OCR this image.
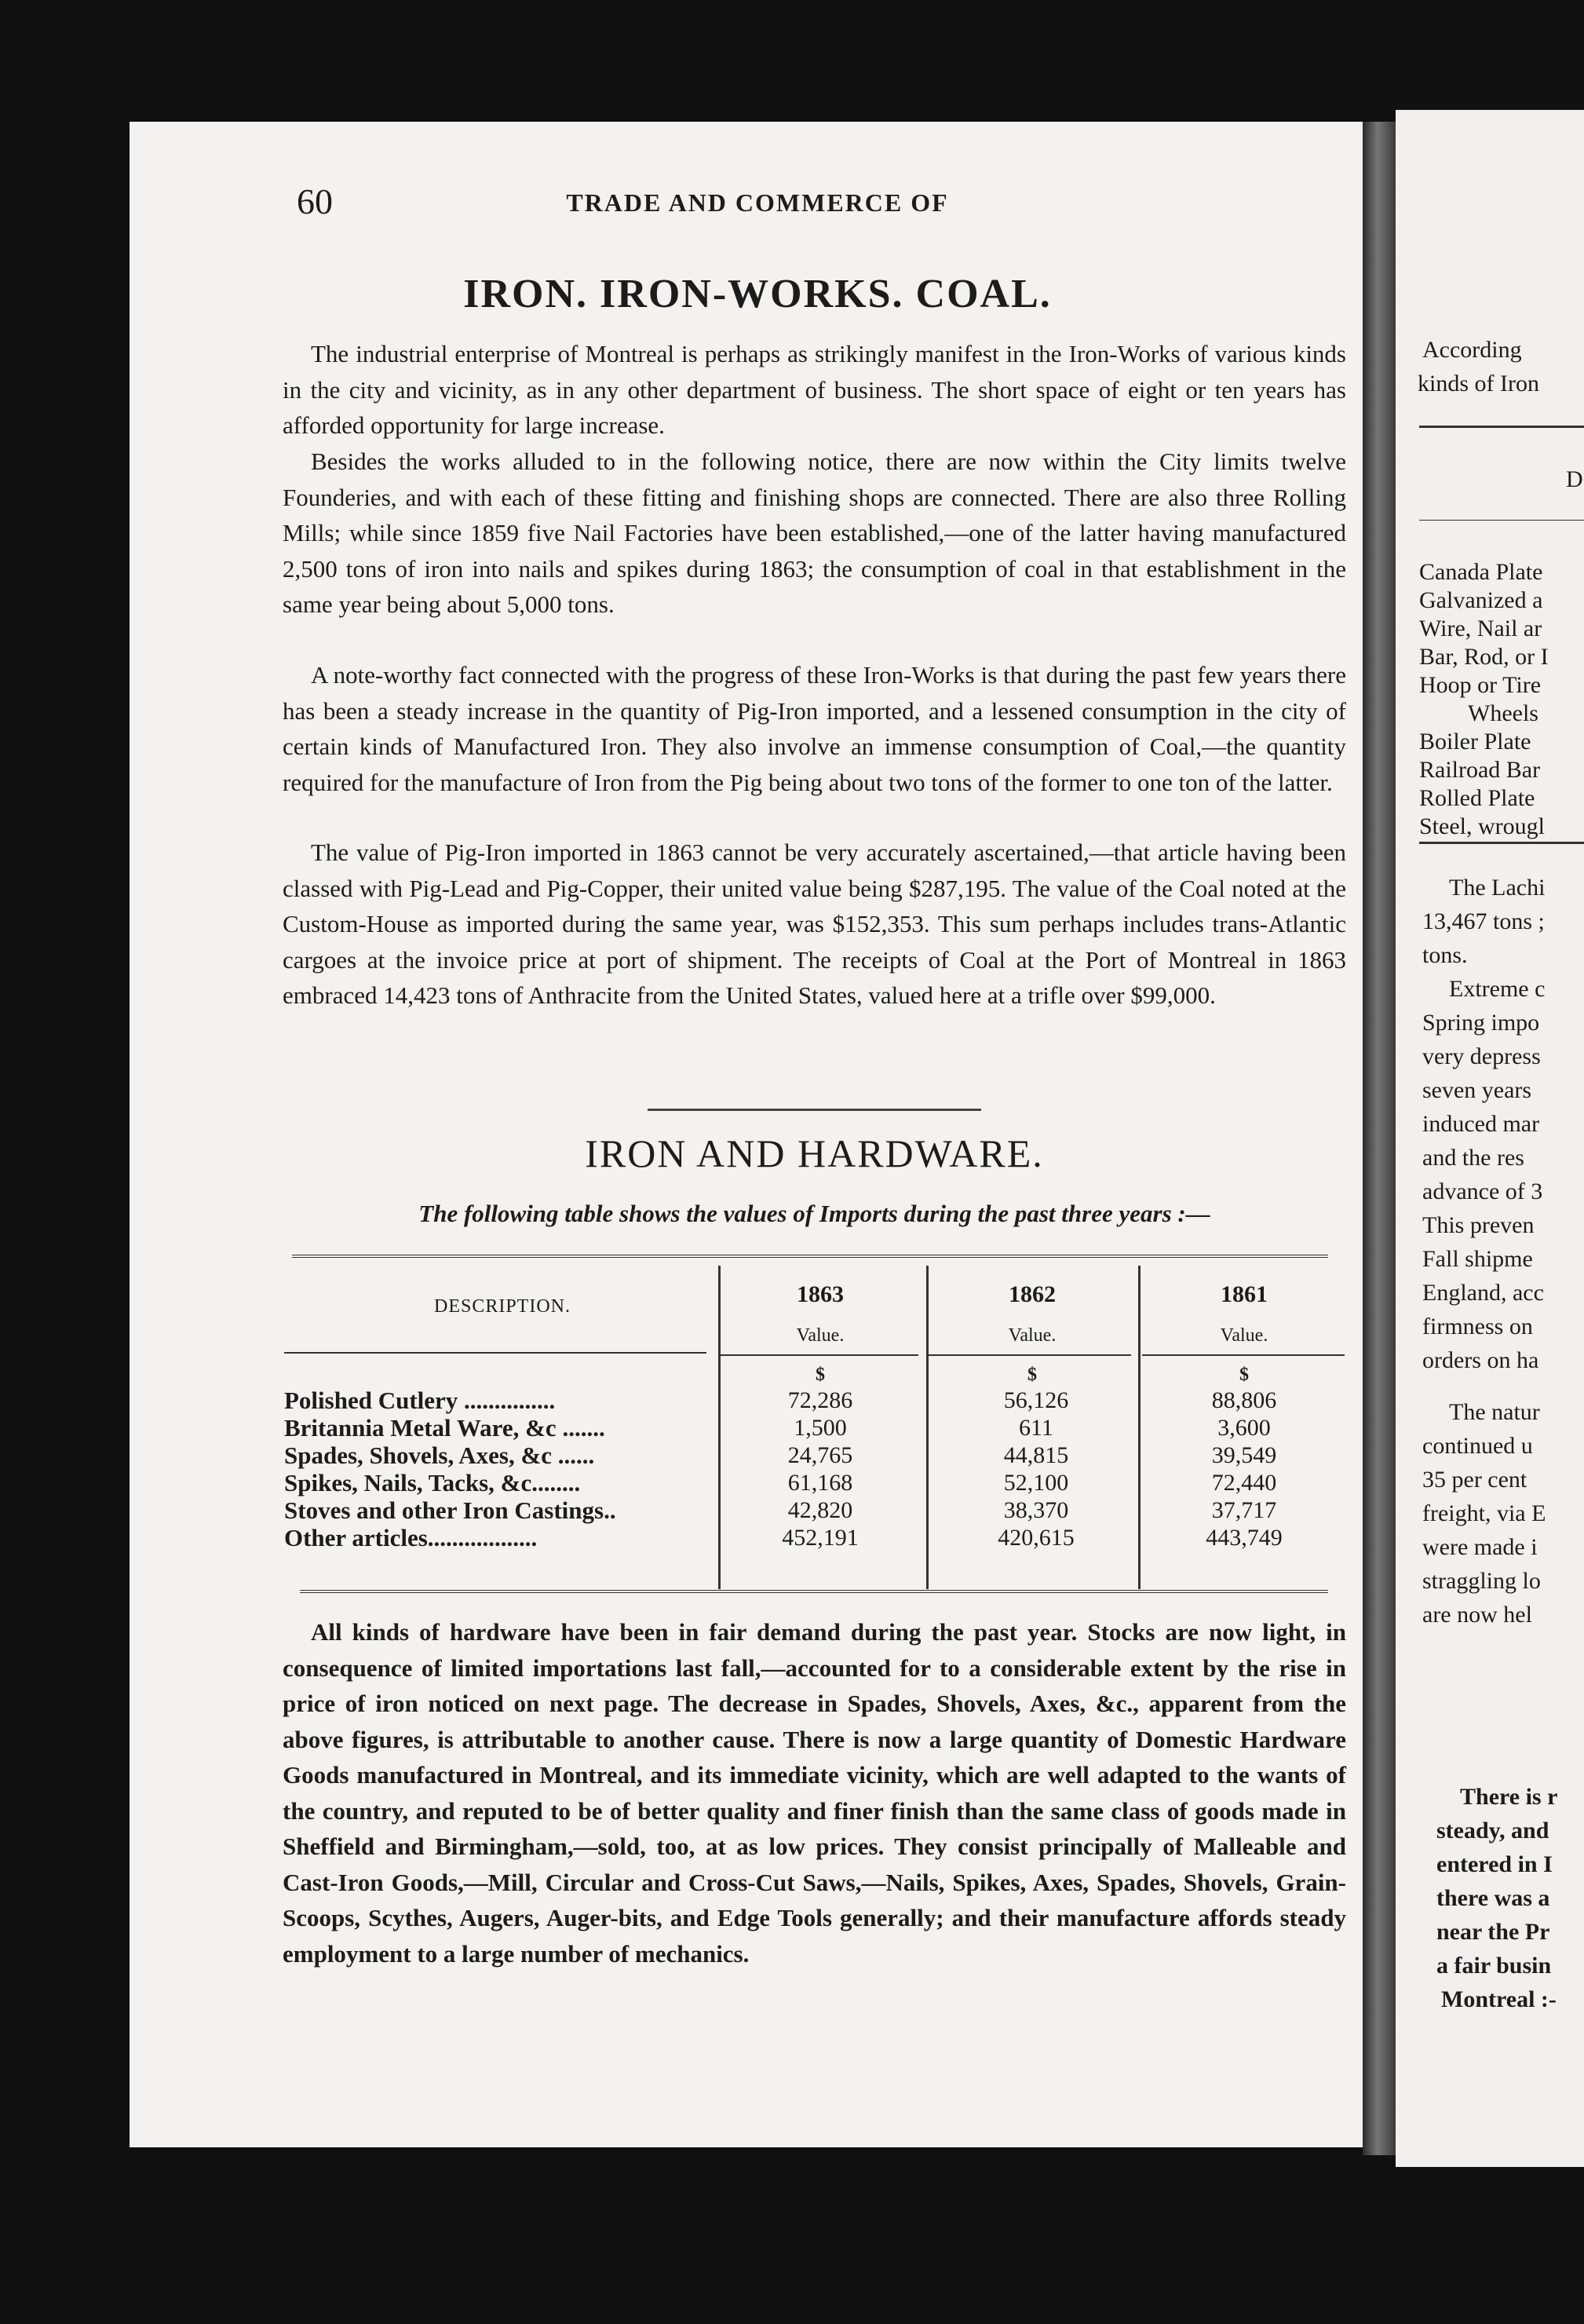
60	TRADE AND COMMERCE OF
IRON. IRON-WORKS. COAL.

The industrial enterprise of Montreal is perhaps as strikingly manifest in the Iron-Works of various kinds in the city and vicinity, as in any other department of business. The short space of eight or ten years has afforded opportunity for large increase.

Besides the works alluded to in the following notice, there are now within the City limits twelve Founderies, and with each of these fitting and finishing shops are connected. There are also three Rolling Mills; while since 1859 five Nail Factories have been established,—one of the latter having manufactured 2,500 tons of iron into nails and spikes during 1863; the consumption of coal in that establishment in the same year being about 5,000 tons.

A note-worthy fact connected with the progress of these Iron-Works is that during the past few years there has been a steady increase in the quantity of Pig-Iron imported, and a lessened consumption in the city of certain kinds of Manufactured Iron. They also involve an immense consumption of Coal,—the quantity required for the manufacture of Iron from the Pig being about two tons of the former to one ton of the latter.

The value of Pig-Iron imported in 1863 cannot be very accurately ascertained,—that article having been classed with Pig-Lead and Pig-Copper, their united value being $287,195. The value of the Coal noted at the Custom-House as imported during the same year, was $152,353. This sum perhaps includes trans-Atlantic cargoes at the invoice price at port of shipment. The receipts of Coal at the Port of Montreal in 1863 embraced 14,423 tons of Anthracite from the United States, valued here at a trifle over $99,000.

IRON AND HARDWARE.
The following table shows the values of Imports during the past three years :—
DESCRIPTION.	1863	1862	1861
Value.	Value.	Value.
$	$	$
Polished Cutlery ...............	72,286	56,126	88,806
Britannia Metal Ware, &c .......	1,500	611	3,600
Spades, Shovels, Axes, &c ......	24,765	44,815	39,549
Spikes, Nails, Tacks, &c........	61,168	52,100	72,440
Stoves and other Iron Castings..	42,820	38,370	37,717
Other articles..................	452,191	420,615	443,749

All kinds of hardware have been in fair demand during the past year. Stocks are now light, in consequence of limited importations last fall,—accounted for to a considerable extent by the rise in price of iron noticed on next page. The decrease in Spades, Shovels, Axes, &c., apparent from the above figures, is attributable to another cause. There is now a large quantity of Domestic Hardware Goods manufactured in Montreal, and its immediate vicinity, which are well adapted to the wants of the country, and reputed to be of better quality and finer finish than the same class of goods made in Sheffield and Birmingham,—sold, too, at as low prices. They consist principally of Malleable and Cast-Iron Goods,—Mill, Circular and Cross-Cut Saws,—Nails, Spikes, Axes, Spades, Shovels, Grain-Scoops, Scythes, Augers, Auger-bits, and Edge Tools generally; and their manufacture affords steady employment to a large number of mechanics.

According
kinds of Iron
D
Canada Plate
Galvanized a
Wire, Nail ar
Bar, Rod, or I
Hoop or Tire
Wheels
Boiler Plate
Railroad Bar
Rolled Plate
Steel, wrougl
The Lachi
13,467 tons ;
tons.
Extreme c
Spring impo
very depress
seven years
induced mar
and the res
advance of 3
This preven
Fall shipme
England, acc
firmness on
orders on ha
The natur
continued u
35 per cent
freight, via E
were made i
straggling lo
are now hel
There is r
steady, and
entered in I
there was a
near the Pr
a fair busin
Montreal :-
